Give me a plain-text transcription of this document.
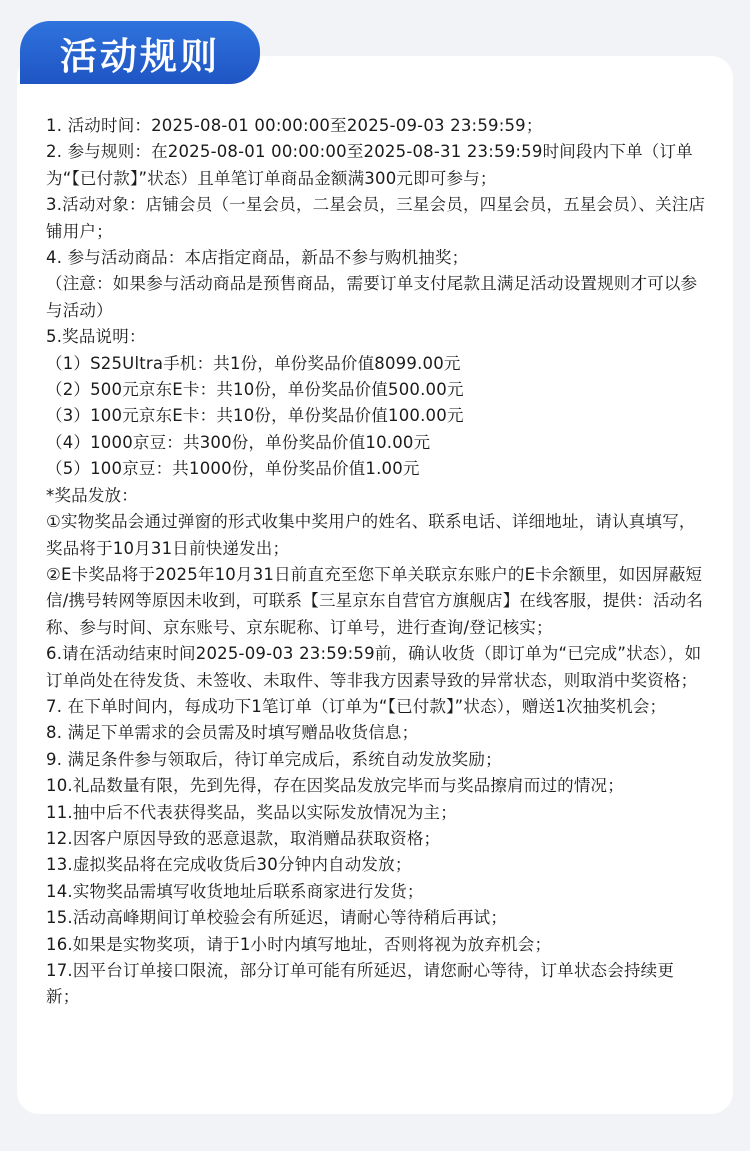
活动规则
1. 活动时间：2025-08-01 00:00:00至2025-09-03 23:59:59；
2. 参与规则：在2025-08-01 00:00:00至2025-08-31 23:59:59时间段内下单（订单为“【已付款】”状态）且单笔订单商品金额满300元即可参与；
3.活动对象：店铺会员（一星会员，二星会员，三星会员，四星会员，五星会员）、关注店铺用户；
4. 参与活动商品：本店指定商品，新品不参与购机抽奖；
（注意：如果参与活动商品是预售商品，需要订单支付尾款且满足活动设置规则才可以参与活动）
5.奖品说明：
（1）S25Ultra手机：共1份，单份奖品价值8099.00元
（2）500元京东E卡：共10份，单份奖品价值500.00元
（3）100元京东E卡：共10份，单份奖品价值100.00元
（4）1000京豆：共300份，单份奖品价值10.00元
（5）100京豆：共1000份，单份奖品价值1.00元
*奖品发放：
①实物奖品会通过弹窗的形式收集中奖用户的姓名、联系电话、详细地址，请认真填写，奖品将于10月31日前快递发出；
②E卡奖品将于2025年10月31日前直充至您下单关联京东账户的E卡余额里，如因屏蔽短信/携号转网等原因未收到，可联系【三星京东自营官方旗舰店】在线客服，提供：活动名称、参与时间、京东账号、京东昵称、订单号，进行查询/登记核实；
6.请在活动结束时间2025-09-03 23:59:59前，确认收货（即订单为“已完成”状态），如订单尚处在待发货、未签收、未取件、等非我方因素导致的异常状态，则取消中奖资格；
7. 在下单时间内，每成功下1笔订单（订单为“【已付款】”状态），赠送1次抽奖机会；
8. 满足下单需求的会员需及时填写赠品收货信息；
9. 满足条件参与领取后，待订单完成后，系统自动发放奖励；
10.礼品数量有限，先到先得，存在因奖品发放完毕而与奖品擦肩而过的情况；
11.抽中后不代表获得奖品，奖品以实际发放情况为主；
12.因客户原因导致的恶意退款，取消赠品获取资格；
13.虚拟奖品将在完成收货后30分钟内自动发放；
14.实物奖品需填写收货地址后联系商家进行发货；
15.活动高峰期间订单校验会有所延迟，请耐心等待稍后再试；
16.如果是实物奖项，请于1小时内填写地址，否则将视为放弃机会；
17.因平台订单接口限流，部分订单可能有所延迟，请您耐心等待，订单状态会持续更新；
